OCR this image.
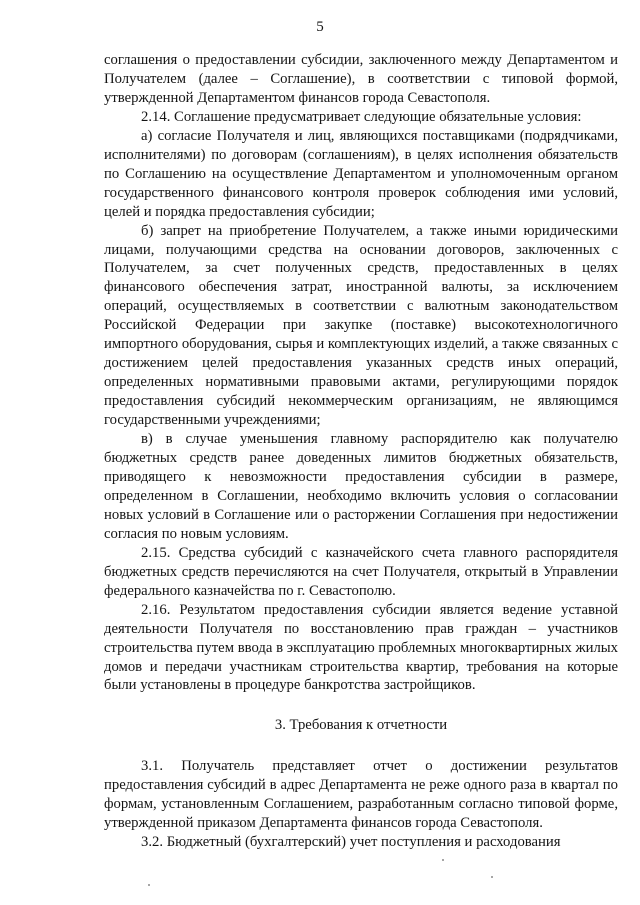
5

соглашения о предоставлении субсидии, заключенного между Департаментом и Получателем (далее – Соглашение), в соответствии с типовой формой, утвержденной Департаментом финансов города Севастополя.

2.14. Соглашение предусматривает следующие обязательные условия:

а) согласие Получателя и лиц, являющихся поставщиками (подрядчиками, исполнителями) по договорам (соглашениям), в целях исполнения обязательств по Соглашению на осуществление Департаментом и уполномоченным органом государственного финансового контроля проверок соблюдения ими условий, целей и порядка предоставления субсидии;

б) запрет на приобретение Получателем, а также иными юридическими лицами, получающими средства на основании договоров, заключенных с Получателем, за счет полученных средств, предоставленных в целях финансового обеспечения затрат, иностранной валюты, за исключением операций, осуществляемых в соответствии с валютным законодательством Российской Федерации при закупке (поставке) высокотехнологичного импортного оборудования, сырья и комплектующих изделий, а также связанных с достижением целей предоставления указанных средств иных операций, определенных нормативными правовыми актами, регулирующими порядок предоставления субсидий некоммерческим организациям, не являющимся государственными учреждениями;

в) в случае уменьшения главному распорядителю как получателю бюджетных средств ранее доведенных лимитов бюджетных обязательств, приводящего к невозможности предоставления субсидии в размере, определенном в Соглашении, необходимо включить условия о согласовании новых условий в Соглашение или о расторжении Соглашения при недостижении согласия по новым условиям.

2.15. Средства субсидий с казначейского счета главного распорядителя бюджетных средств перечисляются на счет Получателя, открытый в Управлении федерального казначейства по г. Севастополю.

2.16. Результатом предоставления субсидии является ведение уставной деятельности Получателя по восстановлению прав граждан – участников строительства путем ввода в эксплуатацию проблемных многоквартирных жилых домов и передачи участникам строительства квартир, требования на которые были установлены в процедуре банкротства застройщиков.

3. Требования к отчетности

3.1. Получатель представляет отчет о достижении результатов предоставления субсидий в адрес Департамента не реже одного раза в квартал по формам, установленным Соглашением, разработанным согласно типовой форме, утвержденной приказом Департамента финансов города Севастополя.

3.2. Бюджетный (бухгалтерский) учет поступления и расходования
